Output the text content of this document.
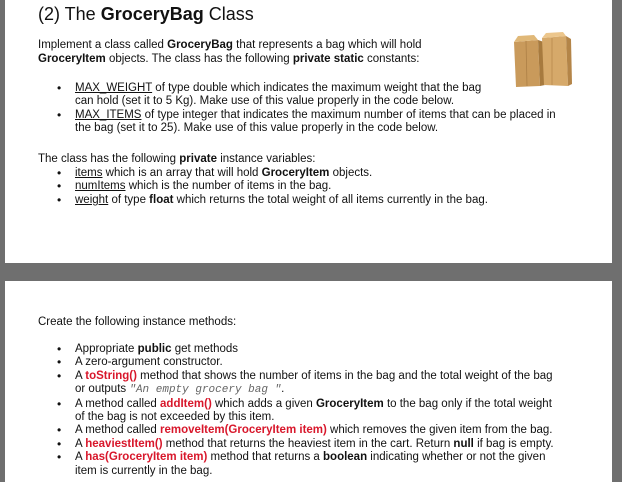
(2) The GroceryBag Class
Implement a class called GroceryBag that represents a bag which will hold
GroceryItem objects. The class has the following private static constants:
• MAX_WEIGHT of type double which indicates the maximum weight that the bag
can hold (set it to 5 Kg). Make use of this value properly in the code below.
• MAX_ITEMS of type integer that indicates the maximum number of items that can be placed in
the bag (set it to 25). Make use of this value properly in the code below.
The class has the following private instance variables:
• items which is an array that will hold GroceryItem objects.
• numItems which is the number of items in the bag.
• weight of type float which returns the total weight of all items currently in the bag.
Create the following instance methods:
• Appropriate public get methods
• A zero-argument constructor.
• A toString() method that shows the number of items in the bag and the total weight of the bag
or outputs "An empty grocery bag ".
• A method called addItem() which adds a given GroceryItem to the bag only if the total weight
of the bag is not exceeded by this item.
• A method called removeItem(GroceryItem item) which removes the given item from the bag.
• A heaviestItem() method that returns the heaviest item in the cart. Return null if bag is empty.
• A has(GroceryItem item) method that returns a boolean indicating whether or not the given
item is currently in the bag.
